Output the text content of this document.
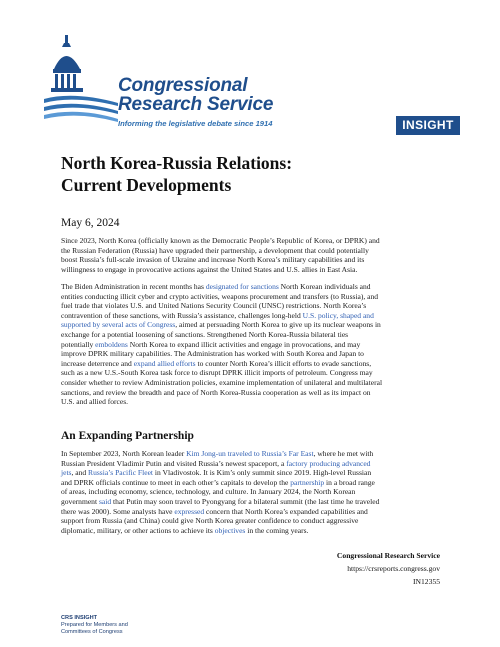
Congressional
Research Service
Informing the legislative debate since 1914	INSIGHT
North Korea-Russia Relations:
Current Developments
May 6, 2024
Since 2023, North Korea (officially known as the Democratic People’s Republic of Korea, or DPRK) and
the Russian Federation (Russia) have upgraded their partnership, a development that could potentially
boost Russia’s full-scale invasion of Ukraine and increase North Korea’s military capabilities and its
willingness to engage in provocative actions against the United States and U.S. allies in East Asia.
The Biden Administration in recent months has designated for sanctions North Korean individuals and
entities conducting illicit cyber and crypto activities, weapons procurement and transfers (to Russia), and
fuel trade that violates U.S. and United Nations Security Council (UNSC) restrictions. North Korea’s
contravention of these sanctions, with Russia’s assistance, challenges long-held U.S. policy, shaped and
supported by several acts of Congress, aimed at persuading North Korea to give up its nuclear weapons in
exchange for a potential loosening of sanctions. Strengthened North Korea-Russia bilateral ties
potentially emboldens North Korea to expand illicit activities and engage in provocations, and may
improve DPRK military capabilities. The Administration has worked with South Korea and Japan to
increase deterrence and expand allied efforts to counter North Korea’s illicit efforts to evade sanctions,
such as a new U.S.-South Korea task force to disrupt DPRK illicit imports of petroleum. Congress may
consider whether to review Administration policies, examine implementation of unilateral and multilateral
sanctions, and review the breadth and pace of North Korea-Russia cooperation as well as its impact on
U.S. and allied forces.
An Expanding Partnership
In September 2023, North Korean leader Kim Jong-un traveled to Russia’s Far East, where he met with
Russian President Vladimir Putin and visited Russia’s newest spaceport, a factory producing advanced
jets, and Russia’s Pacific Fleet in Vladivostok. It is Kim’s only summit since 2019. High-level Russian
and DPRK officials continue to meet in each other’s capitals to develop the partnership in a broad range
of areas, including economy, science, technology, and culture. In January 2024, the North Korean
government said that Putin may soon travel to Pyongyang for a bilateral summit (the last time he traveled
there was 2000). Some analysts have expressed concern that North Korea’s expanded capabilities and
support from Russia (and China) could give North Korea greater confidence to conduct aggressive
diplomatic, military, or other actions to achieve its objectives in the coming years.
Congressional Research Service
https://crsreports.congress.gov
IN12355
CRS INSIGHT
Prepared for Members and
Committees of Congress
